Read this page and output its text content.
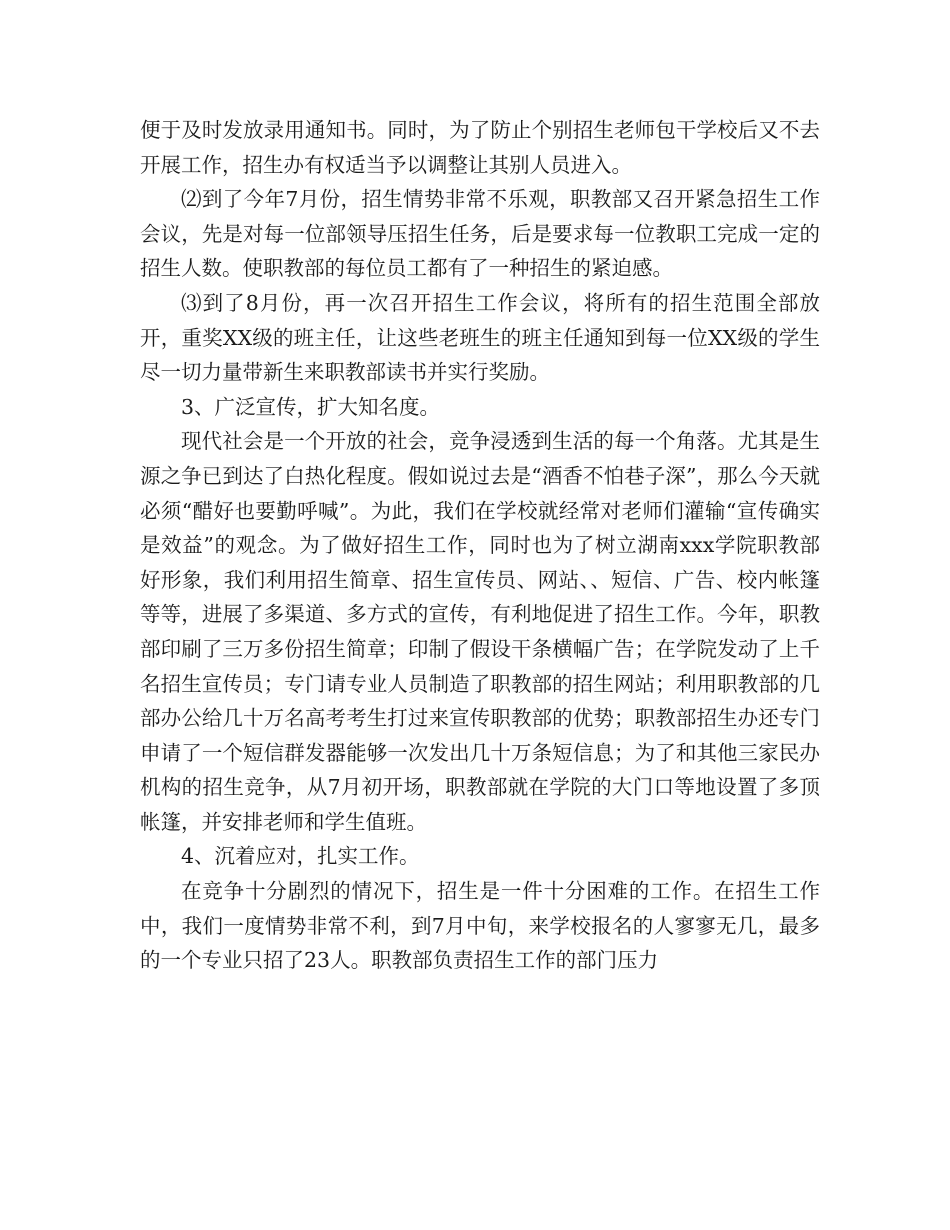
便于及时发放录用通知书。同时，为了防止个别招生老师包干学校后又不去开展工作，招生办有权适当予以调整让其别人员进入。

⑵到了今年7月份，招生情势非常不乐观，职教部又召开紧急招生工作会议，先是对每一位部领导压招生任务，后是要求每一位教职工完成一定的招生人数。使职教部的每位员工都有了一种招生的紧迫感。

⑶到了8月份，再一次召开招生工作会议，将所有的招生范围全部放开，重奖XX级的班主任，让这些老班生的班主任通知到每一位XX级的学生尽一切力量带新生来职教部读书并实行奖励。

3、广泛宣传，扩大知名度。

现代社会是一个开放的社会，竞争浸透到生活的每一个角落。尤其是生源之争已到达了白热化程度。假如说过去是“酒香不怕巷子深”，那么今天就必须“醋好也要勤呼喊”。为此，我们在学校就经常对老师们灌输“宣传确实是效益”的观念。为了做好招生工作，同时也为了树立湖南xxx学院职教部好形象，我们利用招生简章、招生宣传员、网站、、短信、广告、校内帐篷等等，进展了多渠道、多方式的宣传，有利地促进了招生工作。今年，职教部印刷了三万多份招生简章；印制了假设干条横幅广告；在学院发动了上千名招生宣传员；专门请专业人员制造了职教部的招生网站；利用职教部的几部办公给几十万名高考考生打过来宣传职教部的优势；职教部招生办还专门申请了一个短信群发器能够一次发出几十万条短信息；为了和其他三家民办机构的招生竞争，从7月初开场，职教部就在学院的大门口等地设置了多顶帐篷，并安排老师和学生值班。

4、沉着应对，扎实工作。

在竞争十分剧烈的情况下，招生是一件十分困难的工作。在招生工作中，我们一度情势非常不利，到7月中旬，来学校报名的人寥寥无几，最多的一个专业只招了23人。职教部负责招生工作的部门压力
